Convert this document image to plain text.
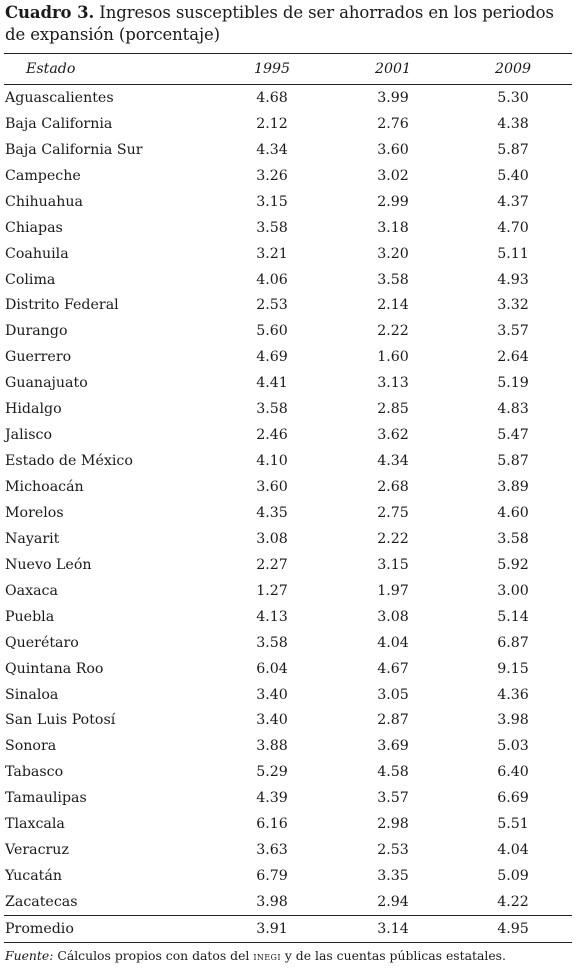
Cuadro 3. Ingresos susceptibles de ser ahorrados en los periodos de expansión (porcentaje)

Estado	1995	2001	2009
Aguascalientes	4.68	3.99	5.30
Baja California	2.12	2.76	4.38
Baja California Sur	4.34	3.60	5.87
Campeche	3.26	3.02	5.40
Chihuahua	3.15	2.99	4.37
Chiapas	3.58	3.18	4.70
Coahuila	3.21	3.20	5.11
Colima	4.06	3.58	4.93
Distrito Federal	2.53	2.14	3.32
Durango	5.60	2.22	3.57
Guerrero	4.69	1.60	2.64
Guanajuato	4.41	3.13	5.19
Hidalgo	3.58	2.85	4.83
Jalisco	2.46	3.62	5.47
Estado de México	4.10	4.34	5.87
Michoacán	3.60	2.68	3.89
Morelos	4.35	2.75	4.60
Nayarit	3.08	2.22	3.58
Nuevo León	2.27	3.15	5.92
Oaxaca	1.27	1.97	3.00
Puebla	4.13	3.08	5.14
Querétaro	3.58	4.04	6.87
Quintana Roo	6.04	4.67	9.15
Sinaloa	3.40	3.05	4.36
San Luis Potosí	3.40	2.87	3.98
Sonora	3.88	3.69	5.03
Tabasco	5.29	4.58	6.40
Tamaulipas	4.39	3.57	6.69
Tlaxcala	6.16	2.98	5.51
Veracruz	3.63	2.53	4.04
Yucatán	6.79	3.35	5.09
Zacatecas	3.98	2.94	4.22
Promedio	3.91	3.14	4.95
Fuente: Cálculos propios con datos del inegi y de las cuentas públicas estatales.
